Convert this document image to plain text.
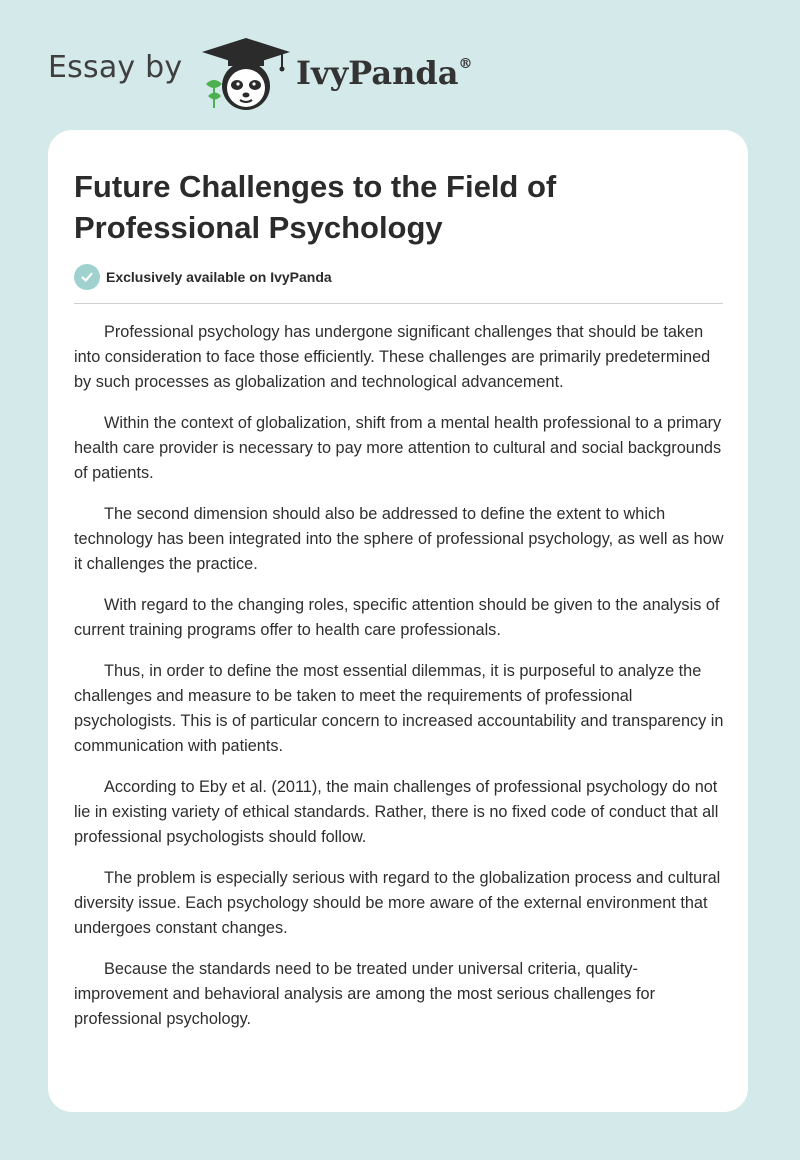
Essay by	IvyPanda®
Future Challenges to the Field of Professional Psychology
Exclusively available on IvyPanda

Professional psychology has undergone significant challenges that should be taken into consideration to face those efficiently. These challenges are primarily predetermined by such processes as globalization and technological advancement.

Within the context of globalization, shift from a mental health professional to a primary health care provider is necessary to pay more attention to cultural and social backgrounds of patients.

The second dimension should also be addressed to define the extent to which technology has been integrated into the sphere of professional psychology, as well as how it challenges the practice.

With regard to the changing roles, specific attention should be given to the analysis of current training programs offer to health care professionals.

Thus, in order to define the most essential dilemmas, it is purposeful to analyze the challenges and measure to be taken to meet the requirements of professional psychologists. This is of particular concern to increased accountability and transparency in communication with patients.

According to Eby et al. (2011), the main challenges of professional psychology do not lie in existing variety of ethical standards. Rather, there is no fixed code of conduct that all professional psychologists should follow.

The problem is especially serious with regard to the globalization process and cultural diversity issue. Each psychology should be more aware of the external environment that undergoes constant changes.

Because the standards need to be treated under universal criteria, quality-improvement and behavioral analysis are among the most serious challenges for professional psychology.
